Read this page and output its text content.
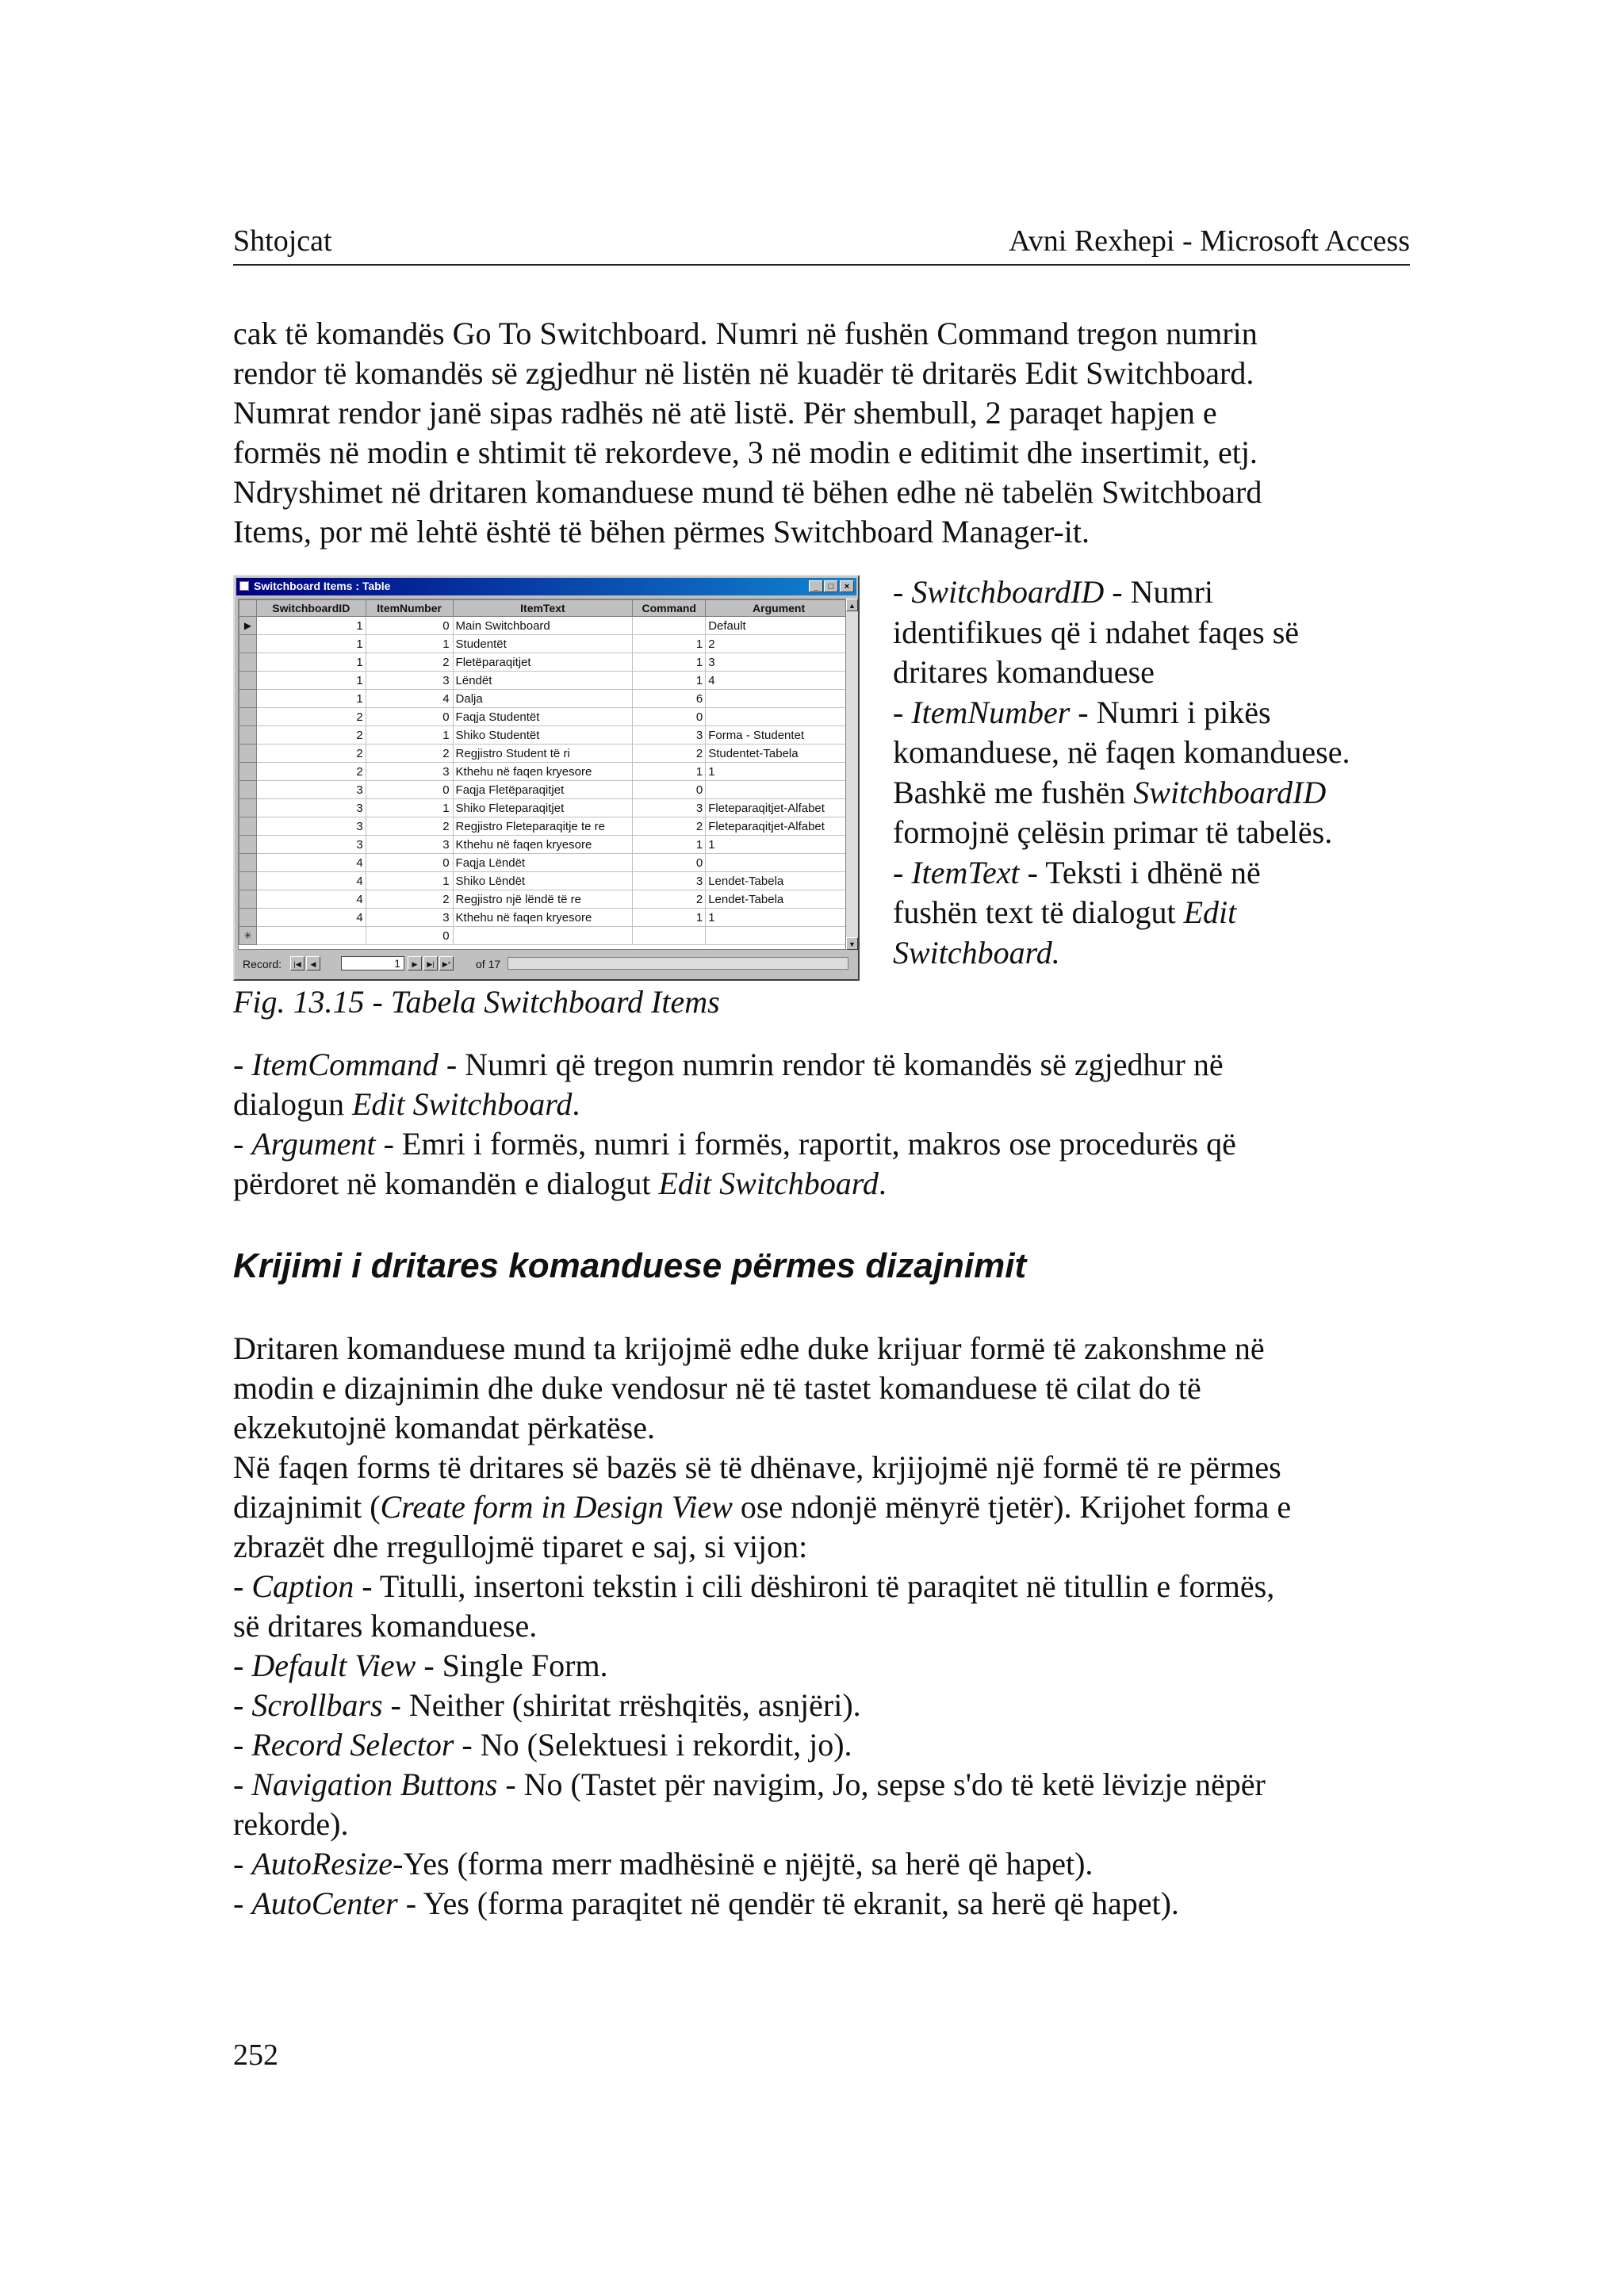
Shtojcat	Avni Rexhepi - Microsoft Access
cak të komandës Go To Switchboard. Numri në fushën Command tregon numrin
rendor të komandës së zgjedhur në listën në kuadër të dritarës Edit Switchboard.
Numrat rendor janë sipas radhës në atë listë. Për shembull, 2 paraqet hapjen e
formës në modin e shtimit të rekordeve, 3 në modin e editimit dhe insertimit, etj.
Ndryshimet në dritaren komanduese mund të bëhen edhe në tabelën Switchboard
Items, por më lehtë është të bëhen përmes Switchboard Manager-it.
Switchboard Items : Table	_	□	×
	SwitchboardID	ItemNumber	ItemText	Command	Argument
▶	1	0	Main Switchboard		Default
	1	1	Studentët	1	2
	1	2	Fletëparaqitjet	1	3
	1	3	Lëndët	1	4
	1	4	Dalja	6	
	2	0	Faqja Studentët	0	
	2	1	Shiko Studentët	3	Forma - Studentet
	2	2	Regjistro Student të ri	2	Studentet-Tabela
	2	3	Kthehu në faqen kryesore	1	1
	3	0	Faqja Fletëparaqitjet	0	
	3	1	Shiko Fleteparaqitjet	3	Fleteparaqitjet-Alfabet
	3	2	Regjistro Fleteparaqitje te re	2	Fleteparaqitjet-Alfabet
	3	3	Kthehu në faqen kryesore	1	1
	4	0	Faqja Lëndët	0	
	4	1	Shiko Lëndët	3	Lendet-Tabela
	4	2	Regjistro një lëndë të re	2	Lendet-Tabela
	4	3	Kthehu në faqen kryesore	1	1
✳		0			
▲
▼
Record:	|◀	◀	1	▶	▶|	▶* of 17
Fig. 13.15 - Tabela Switchboard Items
- SwitchboardID - Numri
identifikues që i ndahet faqes së
dritares komanduese
- ItemNumber - Numri i pikës
komanduese, në faqen komanduese.
Bashkë me fushën SwitchboardID
formojnë çelësin primar të tabelës.
- ItemText - Teksti i dhënë në
fushën text të dialogut Edit
Switchboard.
- ItemCommand - Numri që tregon numrin rendor të komandës së zgjedhur në
dialogun Edit Switchboard.
- Argument - Emri i formës, numri i formës, raportit, makros ose procedurës që
përdoret në komandën e dialogut Edit Switchboard.
Krijimi i dritares komanduese përmes dizajnimit
Dritaren komanduese mund ta krijojmë edhe duke krijuar formë të zakonshme në
modin e dizajnimin dhe duke vendosur në të tastet komanduese të cilat do të
ekzekutojnë komandat përkatëse.
Në faqen forms të dritares së bazës së të dhënave, krjijojmë një formë të re përmes
dizajnimit (Create form in Design View ose ndonjë mënyrë tjetër). Krijohet forma e
zbrazët dhe rregullojmë tiparet e saj, si vijon:
- Caption - Titulli, insertoni tekstin i cili dëshironi të paraqitet në titullin e formës,
së dritares komanduese.
- Default View - Single Form.
- Scrollbars - Neither (shiritat rrëshqitës, asnjëri).
- Record Selector - No (Selektuesi i rekordit, jo).
- Navigation Buttons - No (Tastet për navigim, Jo, sepse s'do të ketë lëvizje nëpër
rekorde).
- AutoResize-Yes (forma merr madhësinë e njëjtë, sa herë që hapet).
- AutoCenter - Yes (forma paraqitet në qendër të ekranit, sa herë që hapet).
252
